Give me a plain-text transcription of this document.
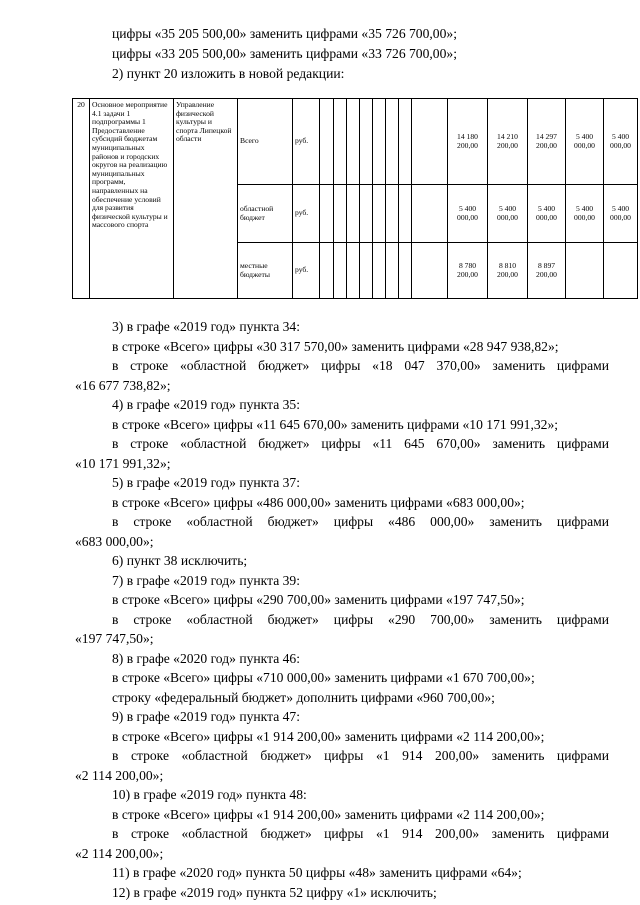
цифры «35 205 500,00» заменить цифрами «35 726 700,00»;
цифры «33 205 500,00» заменить цифрами «33 726 700,00»;
2) пункт 20 изложить в новой редакции:
20	Основное мероприятие 4.1 задачи 1 подпрограммы 1 Предоставление субсидий бюджетам муниципальных районов и городских округов на реализацию муниципальных программ, направленных на обеспечение условий для развития физической культуры и массового спорта	Управление физической культуры и спорта Липецкой области	Всего	руб.									14 180 200,00	14 210 200,00	14 297 200,00	5 400 000,00	5 400 000,00
			областной бюджет	руб.									5 400 000,00	5 400 000,00	5 400 000,00	5 400 000,00	5 400 000,00
			местные бюджеты	руб.									8 780 200,00	8 810 200,00	8 897 200,00		
3) в графе «2019 год» пункта 34:
в строке «Всего» цифры «30 317 570,00» заменить цифрами «28 947 938,82»;
в строке «областной бюджет» цифры «18 047 370,00» заменить цифрами
«16 677 738,82»;
4) в графе «2019 год» пункта 35:
в строке «Всего» цифры «11 645 670,00» заменить цифрами «10 171 991,32»;
в строке «областной бюджет» цифры «11 645 670,00» заменить цифрами
«10 171 991,32»;
5) в графе «2019 год» пункта 37:
в строке «Всего» цифры «486 000,00» заменить цифрами «683 000,00»;
в строке «областной бюджет» цифры «486 000,00» заменить цифрами
«683 000,00»;
6) пункт 38 исключить;
7) в графе «2019 год» пункта 39:
в строке «Всего» цифры «290 700,00» заменить цифрами «197 747,50»;
в строке «областной бюджет» цифры «290 700,00» заменить цифрами
«197 747,50»;
8) в графе «2020 год» пункта 46:
в строке «Всего» цифры «710 000,00» заменить цифрами «1 670 700,00»;
строку «федеральный бюджет» дополнить цифрами «960 700,00»;
9) в графе «2019 год» пункта 47:
в строке «Всего» цифры «1 914 200,00» заменить цифрами «2 114 200,00»;
в строке «областной бюджет» цифры «1 914 200,00» заменить цифрами
«2 114 200,00»;
10) в графе «2019 год» пункта 48:
в строке «Всего» цифры «1 914 200,00» заменить цифрами «2 114 200,00»;
в строке «областной бюджет» цифры «1 914 200,00» заменить цифрами
«2 114 200,00»;
11) в графе «2020 год» пункта 50 цифры «48» заменить цифрами «64»;
12) в графе «2019 год» пункта 52 цифру «1» исключить;
